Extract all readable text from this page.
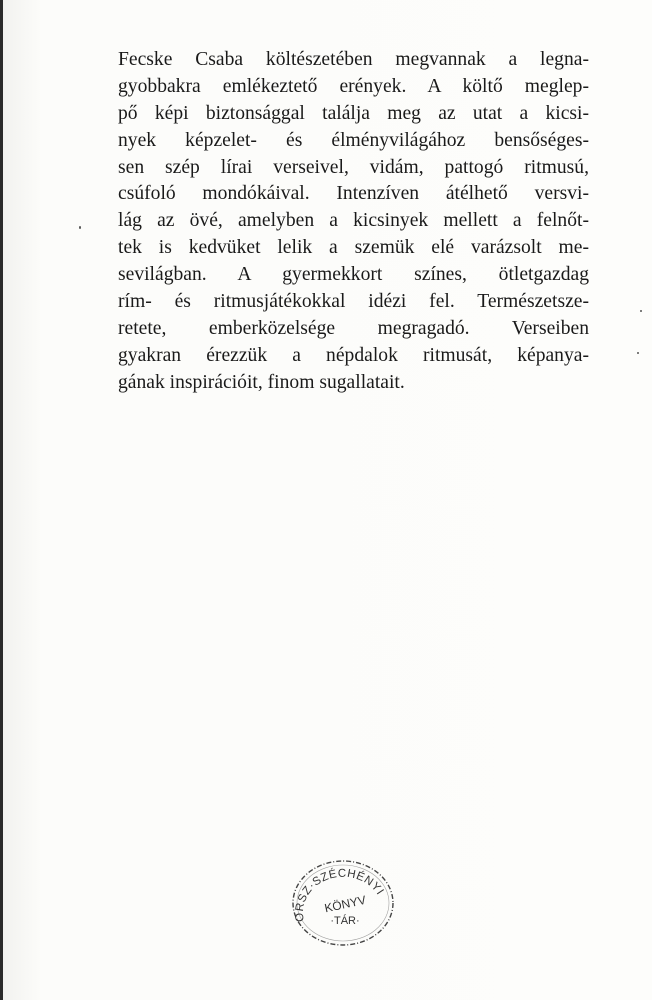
Fecske Csaba költészetében megvannak a legna-
gyobbakra emlékeztető erények. A költő meglep-
pő képi biztonsággal találja meg az utat a kicsi-
nyek képzelet- és élményvilágához bensőséges-
sen szép lírai verseivel, vidám, pattogó ritmusú,
csúfoló mondókáival. Intenzíven átélhető versvi-
lág az övé, amelyben a kicsinyek mellett a felnőt-
tek is kedvüket lelik a szemük elé varázsolt me-
sevilágban. A gyermekkort színes, ötletgazdag
rím- és ritmusjátékokkal idézi fel. Természetsze-
retete, emberközelsége megragadó. Verseiben
gyakran érezzük a népdalok ritmusát, képanya-
gának inspirációit, finom sugallatait.
ORSZ·SZÉCHÉNYI
KÖNYV
·TÁR·
